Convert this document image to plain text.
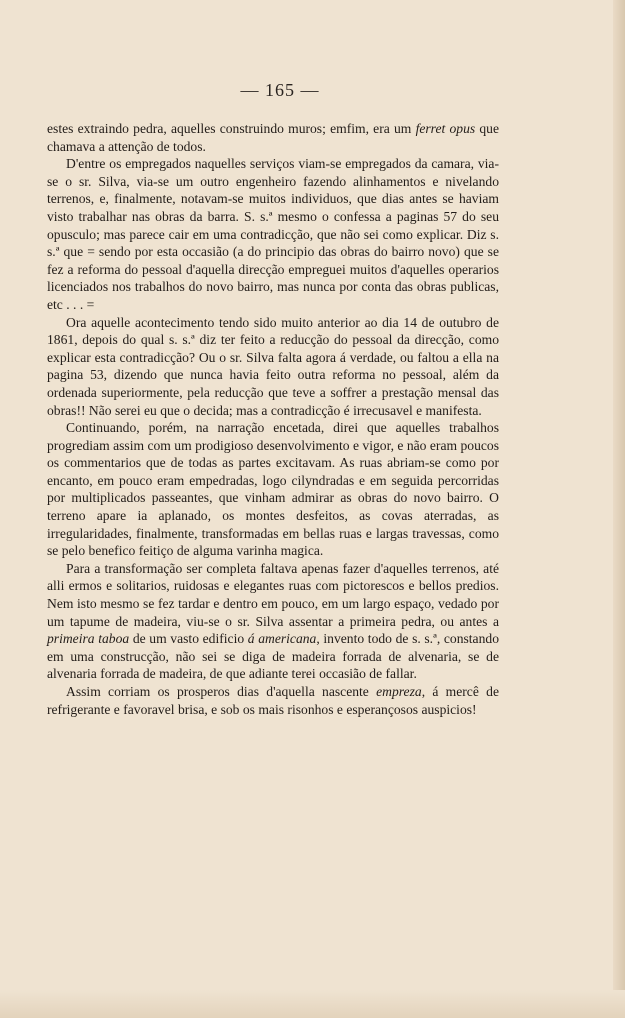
— 165 —

estes extraindo pedra, aquelles construindo muros; emfim, era um ferret opus que chamava a attenção de todos.

D'entre os empregados naquelles serviços viam-se empregados da camara, via-se o sr. Silva, via-se um outro engenheiro fazendo alinhamentos e nivelando terrenos, e, finalmente, notavam-se muitos individuos, que dias antes se haviam visto trabalhar nas obras da barra. S. s.ª mesmo o confessa a paginas 57 do seu opusculo; mas parece cair em uma contradicção, que não sei como explicar. Diz s. s.ª que = sendo por esta occasião (a do principio das obras do bairro novo) que se fez a reforma do pessoal d'aquella direcção empreguei muitos d'aquelles operarios licenciados nos trabalhos do novo bairro, mas nunca por conta das obras publicas, etc . . . =

Ora aquelle acontecimento tendo sido muito anterior ao dia 14 de outubro de 1861, depois do qual s. s.ª diz ter feito a reducção do pessoal da direcção, como explicar esta contradicção? Ou o sr. Silva falta agora á verdade, ou faltou a ella na pagina 53, dizendo que nunca havia feito outra reforma no pessoal, além da ordenada superiormente, pela reducção que teve a soffrer a prestação mensal das obras!! Não serei eu que o decida; mas a contradicção é irrecusavel e manifesta.

Continuando, porém, na narração encetada, direi que aquelles trabalhos progrediam assim com um prodigioso desenvolvimento e vigor, e não eram poucos os commentarios que de todas as partes excitavam. As ruas abriam-se como por encanto, em pouco eram empedradas, logo cilyndradas e em seguida percorridas por multiplicados passeantes, que vinham admirar as obras do novo bairro. O terreno apare ia aplanado, os montes desfeitos, as covas aterradas, as irregularidades, finalmente, transformadas em bellas ruas e largas travessas, como se pelo benefico feitiço de alguma varinha magica.

Para a transformação ser completa faltava apenas fazer d'aquelles terrenos, até alli ermos e solitarios, ruidosas e elegantes ruas com pictorescos e bellos predios. Nem isto mesmo se fez tardar e dentro em pouco, em um largo espaço, vedado por um tapume de madeira, viu-se o sr. Silva assentar a primeira pedra, ou antes a primeira taboa de um vasto edificio á americana, invento todo de s. s.ª, constando em uma construcção, não sei se diga de madeira forrada de alvenaria, se de alvenaria forrada de madeira, de que adiante terei occasião de fallar.

Assim corriam os prosperos dias d'aquella nascente empreza, á mercê de refrigerante e favoravel brisa, e sob os mais risonhos e esperançosos auspicios!
